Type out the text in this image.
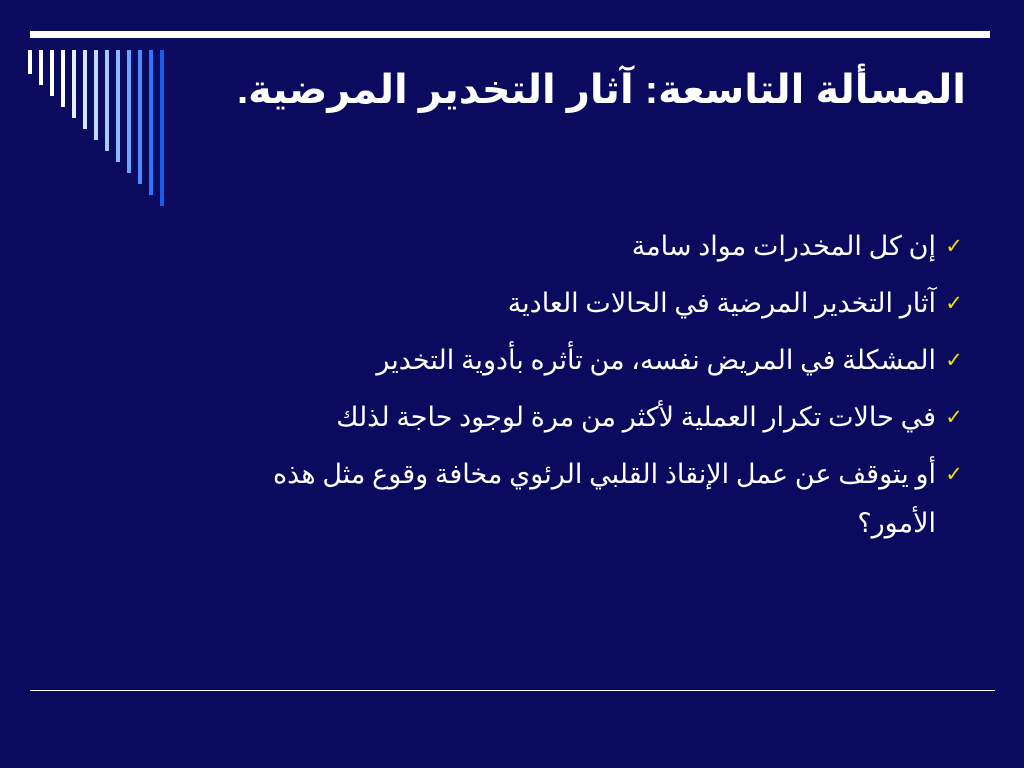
المسألة التاسعة: آثار التخدير المرضية.
✓
إن كل المخدرات مواد سامة
✓
آثار التخدير المرضية في الحالات العادية
✓
المشكلة في المريض نفسه، من تأثره بأدوية التخدير
✓
في حالات تكرار العملية لأكثر من مرة لوجود حاجة لذلك
✓
أو يتوقف عن عمل الإنقاذ القلبي الرئوي مخافة وقوع مثل هذه الأمور؟
